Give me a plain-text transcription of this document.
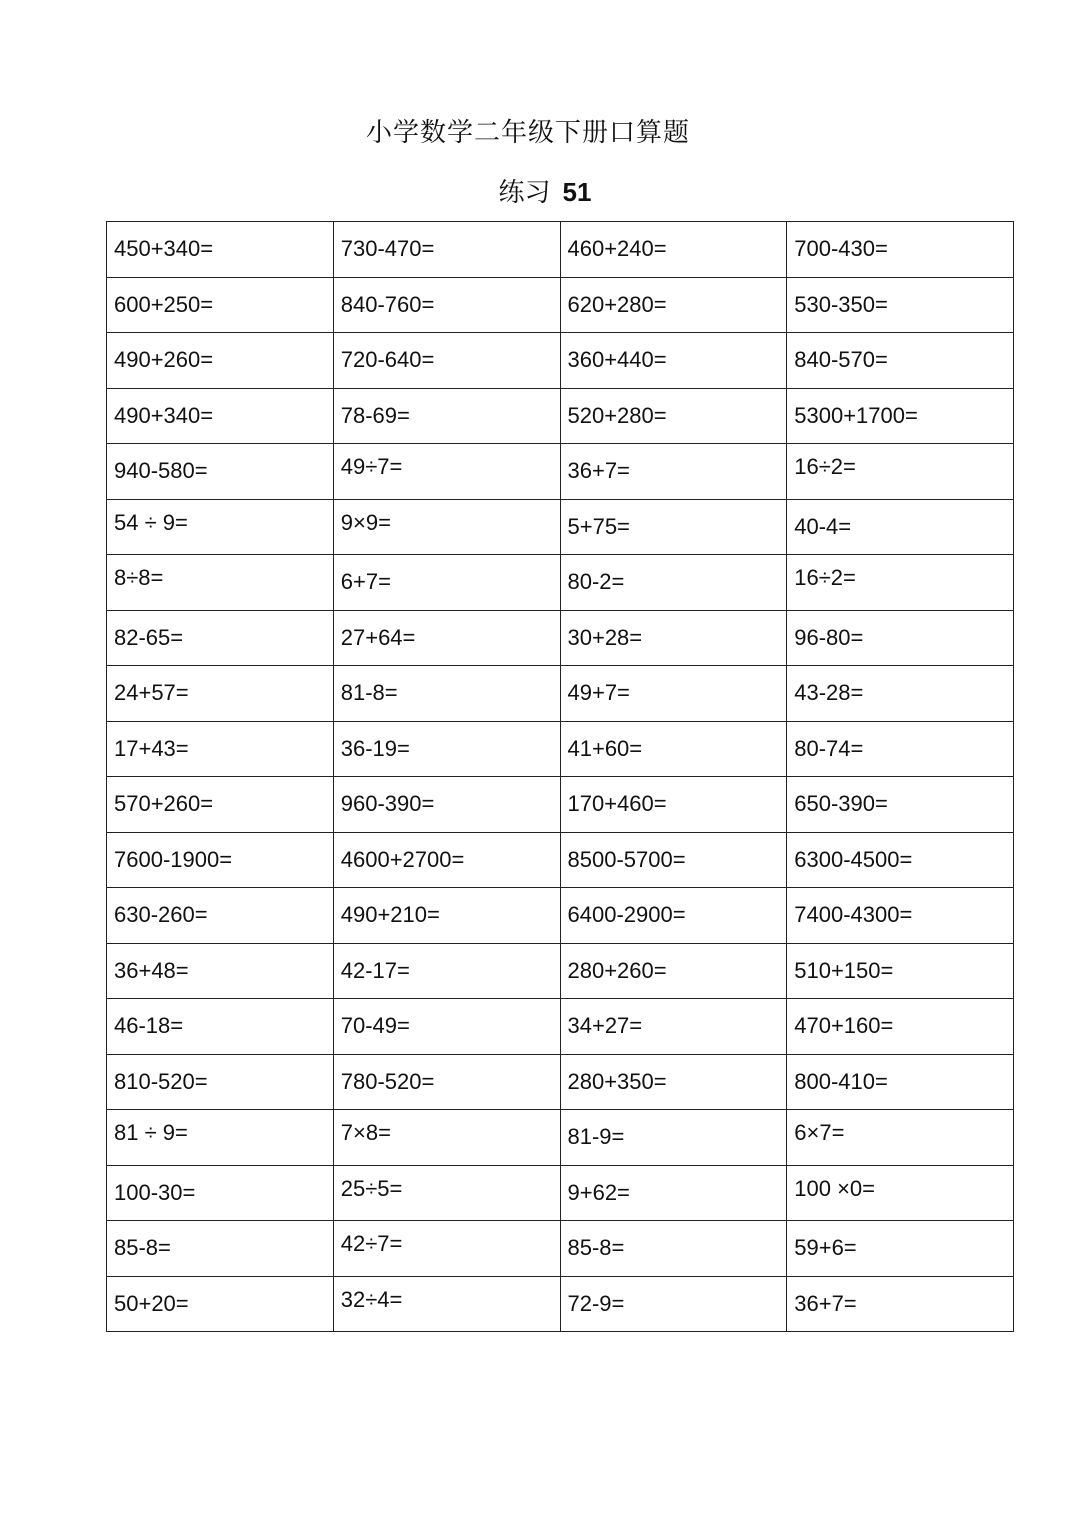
小学数学二年级下册口算题
练习 51
450+340=	730-470=	460+240=	700-430=
600+250=	840-760=	620+280=	530-350=
490+260=	720-640=	360+440=	840-570=
490+340=	78-69=	520+280=	5300+1700=
940-580=	49÷7=	36+7=	16÷2=
54 ÷ 9=	9×9=	5+75=	40-4=
8÷8=	6+7=	80-2=	16÷2=
82-65=	27+64=	30+28=	96-80=
24+57=	81-8=	49+7=	43-28=
17+43=	36-19=	41+60=	80-74=
570+260=	960-390=	170+460=	650-390=
7600-1900=	4600+2700=	8500-5700=	6300-4500=
630-260=	490+210=	6400-2900=	7400-4300=
36+48=	42-17=	280+260=	510+150=
46-18=	70-49=	34+27=	470+160=
810-520=	780-520=	280+350=	800-410=
81 ÷ 9=	7×8=	81-9=	6×7=
100-30=	25÷5=	9+62=	100 ×0=
85-8=	42÷7=	85-8=	59+6=
50+20=	32÷4=	72-9=	36+7=
